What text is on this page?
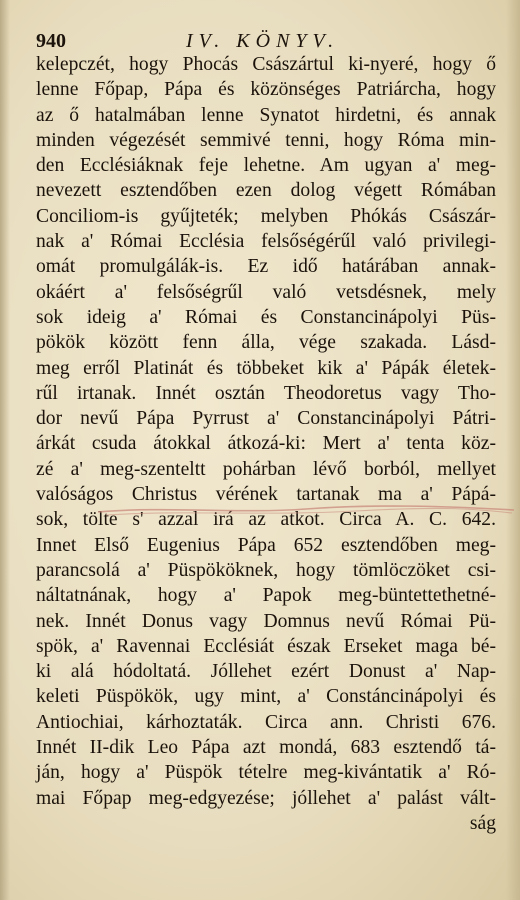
940	IV. KÖNYV.
kelepczét, hogy Phocás Császártul ki-nyeré, hogy ő
lenne Főpap, Pápa és közönséges Patriárcha, hogy
az ő hatalmában lenne Synatot hirdetni, és annak
minden végezését semmivé tenni, hogy Róma min-
den Ecclésiáknak feje lehetne. Am ugyan a' meg-
nevezett esztendőben ezen dolog végett Rómában
Conciliom-is gyűjteték; melyben Phókás Császár-
nak a' Római Ecclésia felsőségérűl való privilegi-
omát promulgálák-is. Ez idő határában annak-
okáért a' felsőségrűl való vetsdésnek, mely
sok ideig a' Római és Constancinápolyi Püs-
pökök között fenn álla, vége szakada. Lásd-
meg erről Platinát és többeket kik a' Pápák életek-
rűl irtanak. Innét osztán Theodoretus vagy Tho-
dor nevű Pápa Pyrrust a' Constancinápolyi Pátri-
árkát csuda átokkal átkozá-ki: Mert a' tenta köz-
zé a' meg-szenteltt pohárban lévő borból, mellyet
valóságos Christus vérének tartanak ma a' Pápá-
sok, tölte s' azzal irá az atkot. Circa A. C. 642.
Innet Első Eugenius Pápa 652 esztendőben meg-
parancsolá a' Püspököknek, hogy tömlöczöket csi-
náltatnának, hogy a' Papok meg-büntettethetné-
nek. Innét Donus vagy Domnus nevű Római Pü-
spök, a' Ravennai Ecclésiát észak Erseket maga bé-
ki alá hódoltatá. Jóllehet ezért Donust a' Nap-
keleti Püspökök, ugy mint, a' Constáncinápolyi és
Antiochiai, kárhoztaták. Circa ann. Christi 676.
Innét II-dik Leo Pápa azt mondá, 683 esztendő tá-
ján, hogy a' Püspök tételre meg-kivántatik a' Ró-
mai Főpap meg-edgyezése; jóllehet a' palást vált-
ság
